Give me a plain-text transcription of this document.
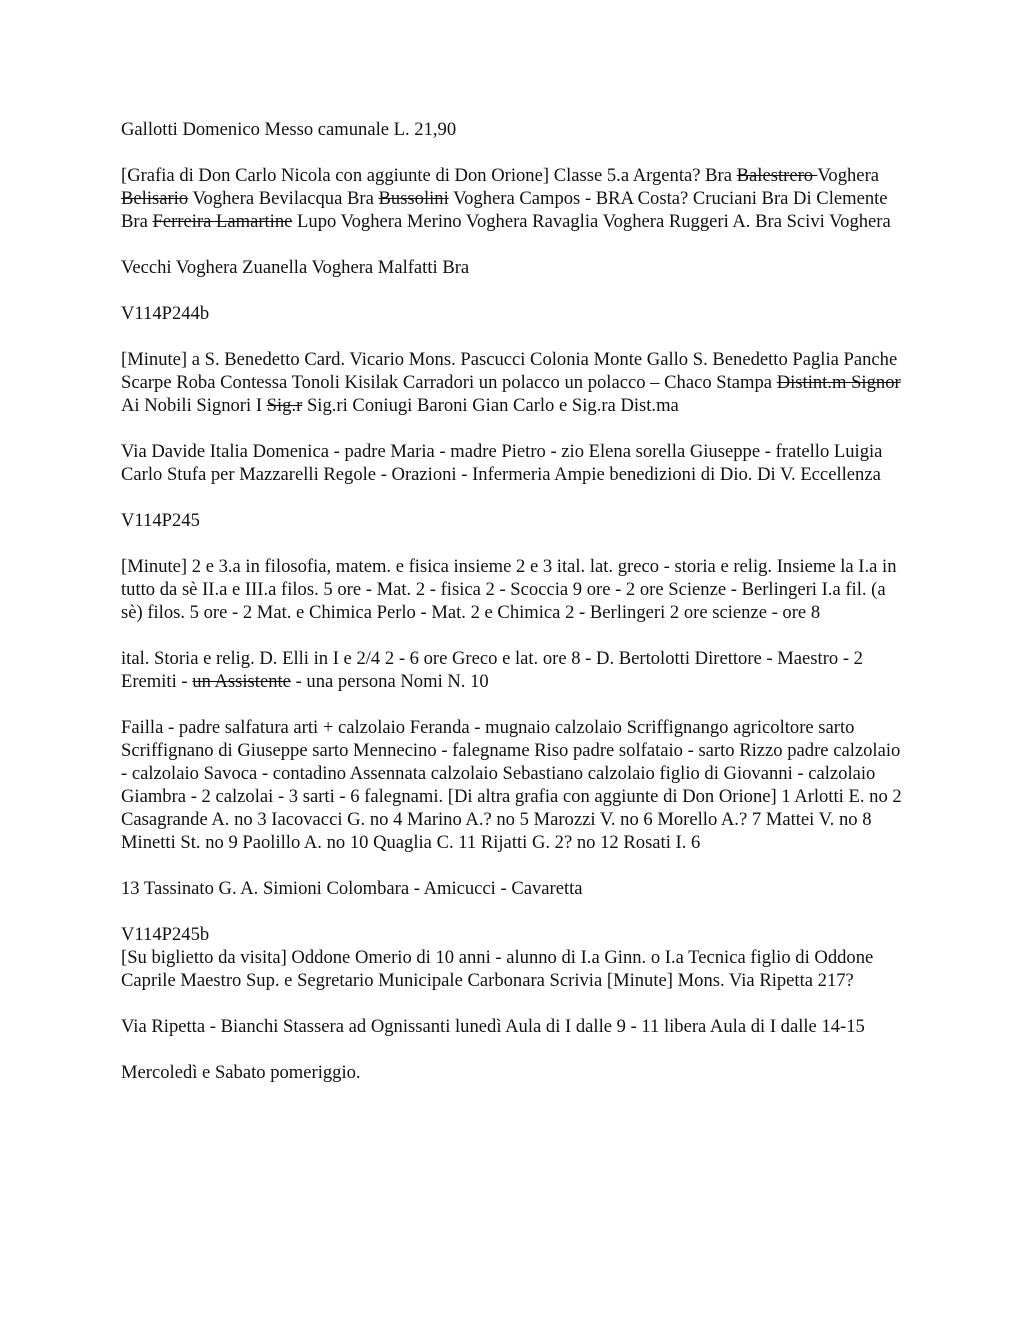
Gallotti Domenico Messo camunale L. 21,90

[Grafia di Don Carlo Nicola con aggiunte di Don Orione] Classe 5.a Argenta? Bra Balestrero Voghera Belisario Voghera Bevilacqua Bra Bussolini Voghera Campos - BRA Costa? Cruciani Bra Di Clemente Bra Ferreira Lamartine Lupo Voghera Merino Voghera Ravaglia Voghera Ruggeri A. Bra Scivi Voghera

Vecchi Voghera Zuanella Voghera Malfatti Bra

V114P244b

[Minute] a S. Benedetto Card. Vicario Mons. Pascucci Colonia Monte Gallo S. Benedetto Paglia Panche Scarpe Roba Contessa Tonoli Kisilak Carradori un polacco un polacco – Chaco Stampa Distint.m Signor Ai Nobili Signori I Sig.r Sig.ri Coniugi Baroni Gian Carlo e Sig.ra Dist.ma

Via Davide Italia Domenica - padre Maria - madre Pietro - zio Elena sorella Giuseppe - fratello Luigia Carlo Stufa per Mazzarelli Regole - Orazioni - Infermeria Ampie benedizioni di Dio. Di V. Eccellenza

V114P245

[Minute] 2 e 3.a in filosofia, matem. e fisica insieme 2 e 3 ital. lat. greco - storia e relig. Insieme la I.a in tutto da sè II.a e III.a filos. 5 ore - Mat. 2 - fisica 2 - Scoccia 9 ore - 2 ore Scienze - Berlingeri I.a fil. (a sè) filos. 5 ore - 2 Mat. e Chimica Perlo - Mat. 2 e Chimica 2 - Berlingeri 2 ore scienze - ore 8

ital. Storia e relig. D. Elli in I e 2/4 2 - 6 ore Greco e lat. ore 8 - D. Bertolotti Direttore - Maestro - 2 Eremiti - un Assistente - una persona Nomi N. 10

Failla - padre salfatura arti + calzolaio Feranda - mugnaio calzolaio Scriffignango agricoltore sarto Scriffignano di Giuseppe sarto Mennecino - falegname Riso padre solfataio - sarto Rizzo padre calzolaio - calzolaio Savoca - contadino Assennata calzolaio Sebastiano calzolaio figlio di Giovanni - calzolaio Giambra - 2 calzolai - 3 sarti - 6 falegnami. [Di altra grafia con aggiunte di Don Orione] 1 Arlotti E. no 2 Casagrande A. no 3 Iacovacci G. no 4 Marino A.? no 5 Marozzi V. no 6 Morello A.? 7 Mattei V. no 8 Minetti St. no 9 Paolillo A. no 10 Quaglia C. 11 Rijatti G. 2? no 12 Rosati I. 6

13 Tassinato G. A. Simioni Colombara - Amicucci - Cavaretta

V114P245b

[Su biglietto da visita] Oddone Omerio di 10 anni - alunno di I.a Ginn. o I.a Tecnica figlio di Oddone Caprile Maestro Sup. e Segretario Municipale Carbonara Scrivia [Minute] Mons. Via Ripetta 217?

Via Ripetta - Bianchi Stassera ad Ognissanti lunedì Aula di I dalle 9 - 11 libera Aula di I dalle 14-15

Mercoledì e Sabato pomeriggio.
